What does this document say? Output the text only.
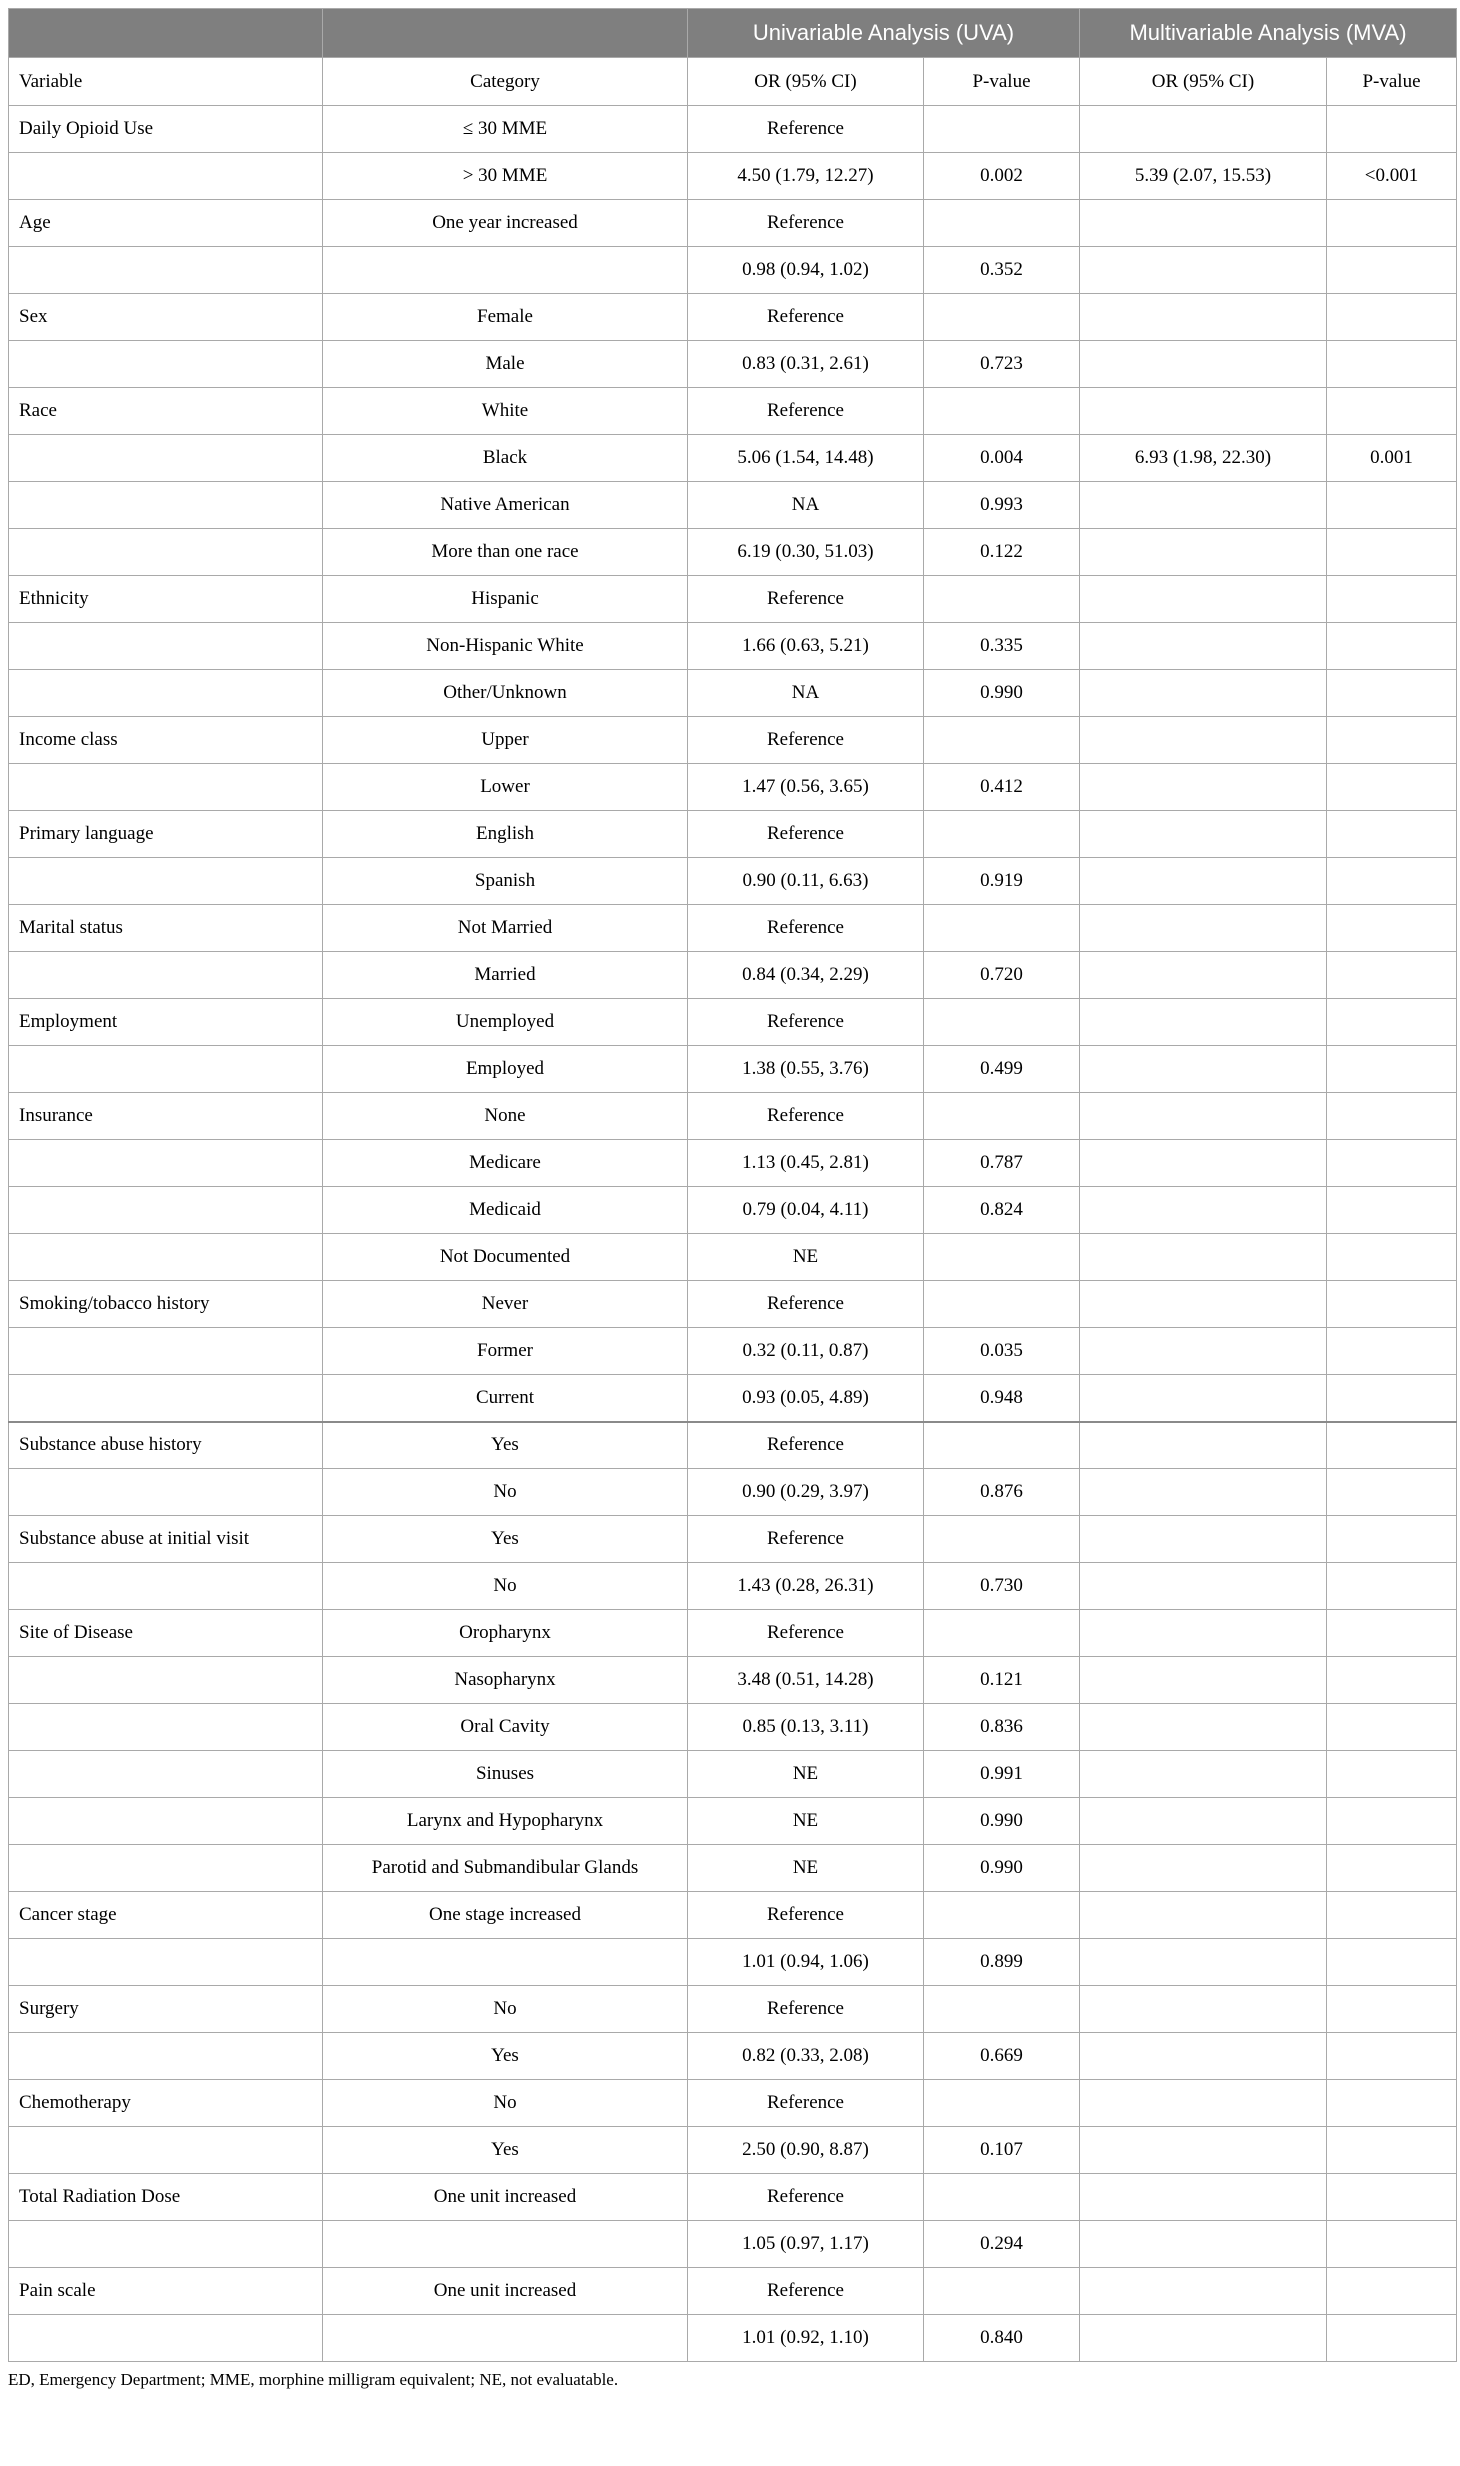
		Univariable Analysis (UVA)		Multivariable Analysis (MVA)	
Variable	Category	OR (95% CI)	P-value	OR (95% CI)	P-value
Daily Opioid Use	≤ 30 MME	Reference			
	> 30 MME	4.50 (1.79, 12.27)	0.002	5.39 (2.07, 15.53)	<0.001
Age	One year increased	Reference			
		0.98 (0.94, 1.02)	0.352		
Sex	Female	Reference			
	Male	0.83 (0.31, 2.61)	0.723		
Race	White	Reference			
	Black	5.06 (1.54, 14.48)	0.004	6.93 (1.98, 22.30)	0.001
	Native American	NA	0.993		
	More than one race	6.19 (0.30, 51.03)	0.122		
Ethnicity	Hispanic	Reference			
	Non-Hispanic White	1.66 (0.63, 5.21)	0.335		
	Other/Unknown	NA	0.990		
Income class	Upper	Reference			
	Lower	1.47 (0.56, 3.65)	0.412		
Primary language	English	Reference			
	Spanish	0.90 (0.11, 6.63)	0.919		
Marital status	Not Married	Reference			
	Married	0.84 (0.34, 2.29)	0.720		
Employment	Unemployed	Reference			
	Employed	1.38 (0.55, 3.76)	0.499		
Insurance	None	Reference			
	Medicare	1.13 (0.45, 2.81)	0.787		
	Medicaid	0.79 (0.04, 4.11)	0.824		
	Not Documented	NE			
Smoking/tobacco history	Never	Reference			
	Former	0.32 (0.11, 0.87)	0.035		
	Current	0.93 (0.05, 4.89)	0.948		
Substance abuse history	Yes	Reference			
	No	0.90 (0.29, 3.97)	0.876		
Substance abuse at initial visit	Yes	Reference			
	No	1.43 (0.28, 26.31)	0.730		
Site of Disease	Oropharynx	Reference			
	Nasopharynx	3.48 (0.51, 14.28)	0.121		
	Oral Cavity	0.85 (0.13, 3.11)	0.836		
	Sinuses	NE	0.991		
	Larynx and Hypopharynx	NE	0.990		
	Parotid and Submandibular Glands	NE	0.990		
Cancer stage	One stage increased	Reference			
		1.01 (0.94, 1.06)	0.899		
Surgery	No	Reference			
	Yes	0.82 (0.33, 2.08)	0.669		
Chemotherapy	No	Reference			
	Yes	2.50 (0.90, 8.87)	0.107		
Total Radiation Dose	One unit increased	Reference			
		1.05 (0.97, 1.17)	0.294		
Pain scale	One unit increased	Reference			
		1.01 (0.92, 1.10)	0.840		
ED, Emergency Department; MME, morphine milligram equivalent; NE, not evaluatable.
